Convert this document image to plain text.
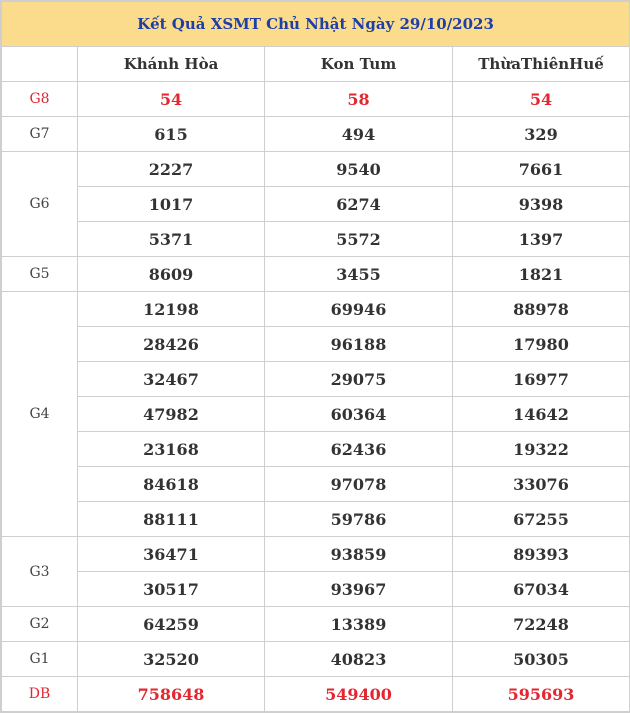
Kết Quả XSMT Chủ Nhật Ngày 29/10/2023			
	Khánh Hòa	Kon Tum	ThừaThiênHuế
G8	54	58	54
G7	615	494	329
G6	2227	9540	7661
	1017	6274	9398
	5371	5572	1397
G5	8609	3455	1821
G4	12198	69946	88978
	28426	96188	17980
	32467	29075	16977
	47982	60364	14642
	23168	62436	19322
	84618	97078	33076
	88111	59786	67255
G3	36471	93859	89393
	30517	93967	67034
G2	64259	13389	72248
G1	32520	40823	50305
DB	758648	549400	595693
